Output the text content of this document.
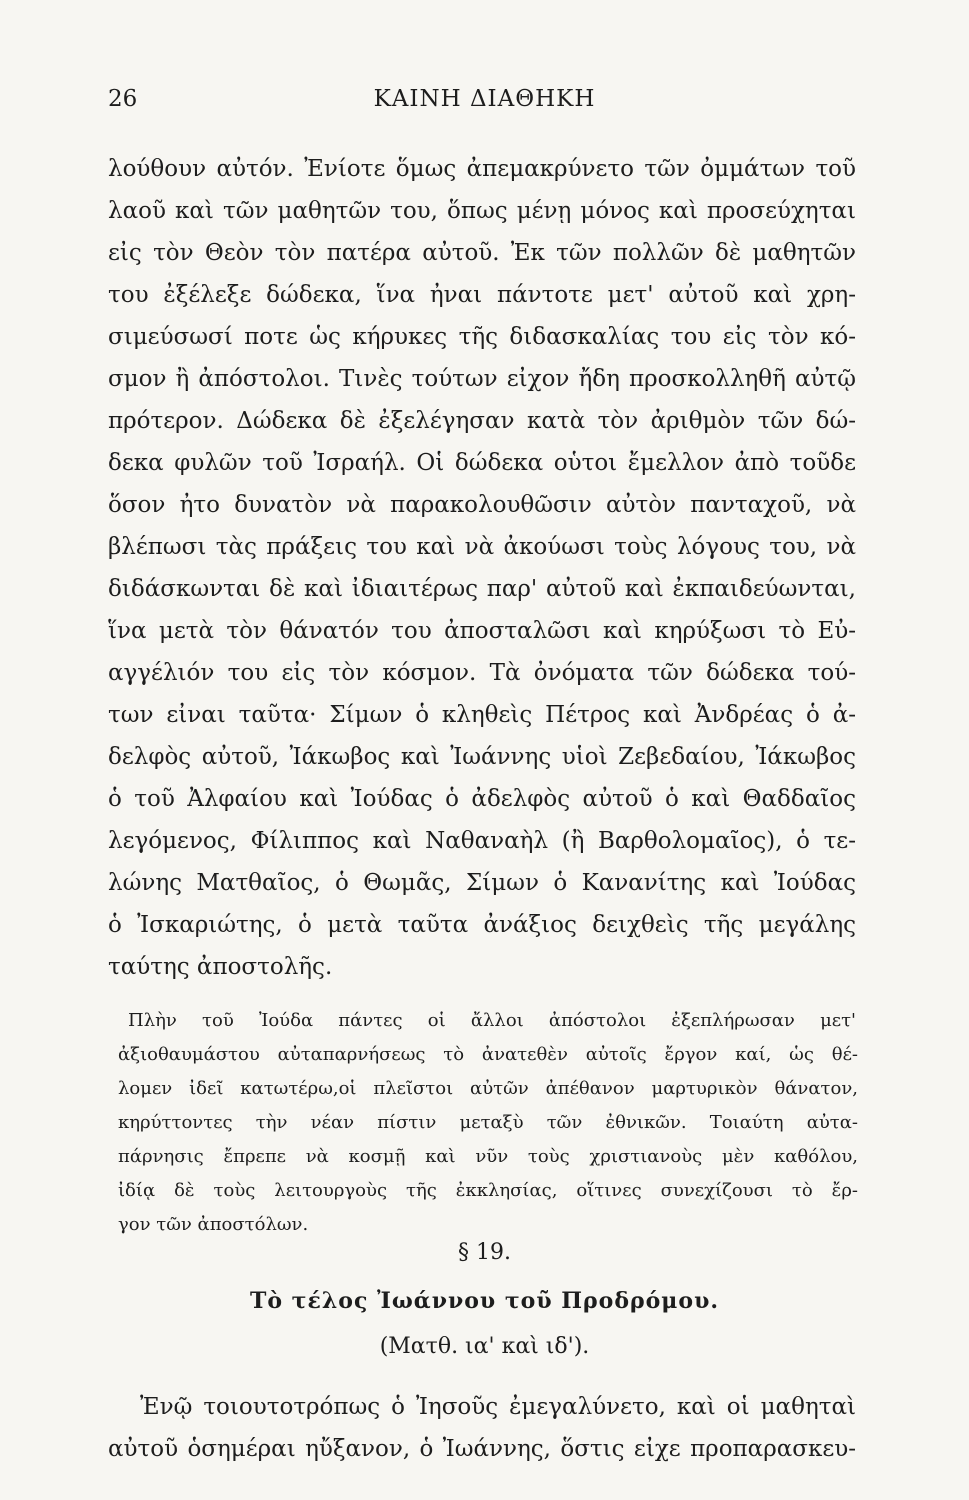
26	ΚΑΙΝΗ ΔΙΑΘΗΚΗ
λούθουν αὐτόν. Ἐνίοτε ὅμως ἀπεμακρύνετο τῶν ὀμμάτων τοῦ
λαοῦ καὶ τῶν μαθητῶν του, ὅπως μένῃ μόνος καὶ προσεύχηται
εἰς τὸν Θεὸν τὸν πατέρα αὐτοῦ. Ἐκ τῶν πολλῶν δὲ μαθητῶν
του ἐξέλεξε δώδεκα, ἵνα ἦναι πάντοτε μετ' αὐτοῦ καὶ χρη-
σιμεύσωσί ποτε ὡς κήρυκες τῆς διδασκαλίας του εἰς τὸν κό-
σμον ἢ ἀπόστολοι. Τινὲς τούτων εἶχον ἤδη προσκολληθῆ αὐτῷ
πρότερον. Δώδεκα δὲ ἐξελέγησαν κατὰ τὸν ἀριθμὸν τῶν δώ-
δεκα φυλῶν τοῦ Ἰσραήλ. Οἱ δώδεκα οὗτοι ἔμελλον ἀπὸ τοῦδε
ὅσον ἦτο δυνατὸν νὰ παρακολουθῶσιν αὐτὸν πανταχοῦ, νὰ
βλέπωσι τὰς πράξεις του καὶ νὰ ἀκούωσι τοὺς λόγους του, νὰ
διδάσκωνται δὲ καὶ ἰδιαιτέρως παρ' αὐτοῦ καὶ ἐκπαιδεύωνται,
ἵνα μετὰ τὸν θάνατόν του ἀποσταλῶσι καὶ κηρύξωσι τὸ Εὐ-
αγγέλιόν του εἰς τὸν κόσμον. Τὰ ὀνόματα τῶν δώδεκα τού-
των εἶναι ταῦτα· Σίμων ὁ κληθεὶς Πέτρος καὶ Ἀνδρέας ὁ ἀ-
δελφὸς αὐτοῦ, Ἰάκωβος καὶ Ἰωάννης υἱοὶ Ζεβεδαίου, Ἰάκωβος
ὁ τοῦ Ἀλφαίου καὶ Ἰούδας ὁ ἀδελφὸς αὐτοῦ ὁ καὶ Θαδδαῖος
λεγόμενος, Φίλιππος καὶ Ναθαναὴλ (ἢ Βαρθολομαῖος), ὁ τε-
λώνης Ματθαῖος, ὁ Θωμᾶς, Σίμων ὁ Κανανίτης καὶ Ἰούδας
ὁ Ἰσκαριώτης, ὁ μετὰ ταῦτα ἀνάξιος δειχθεὶς τῆς μεγάλης
ταύτης ἀποστολῆς.
Πλὴν τοῦ Ἰούδα πάντες οἱ ἄλλοι ἀπόστολοι ἐξεπλήρωσαν μετ'
ἀξιοθαυμάστου αὐταπαρνήσεως τὸ ἀνατεθὲν αὐτοῖς ἔργον καί, ὡς θέ-
λομεν ἰδεῖ κατωτέρω,οἱ πλεῖστοι αὐτῶν ἀπέθανον μαρτυρικὸν θάνατον,
κηρύττοντες τὴν νέαν πίστιν μεταξὺ τῶν ἐθνικῶν. Τοιαύτη αὐτα-
πάρνησις ἔπρεπε νὰ κοσμῇ καὶ νῦν τοὺς χριστιανοὺς μὲν καθόλου,
ἰδίᾳ δὲ τοὺς λειτουργοὺς τῆς ἐκκλησίας, οἵτινες συνεχίζουσι τὸ ἔρ-
γον τῶν ἀποστόλων.
§ 19.
Τὸ τέλος Ἰωάννου τοῦ Προδρόμου.
(Ματθ. ια' καὶ ιδ').
Ἐνῷ τοιουτοτρόπως ὁ Ἰησοῦς ἐμεγαλύνετο, καὶ οἱ μαθηταὶ
αὐτοῦ ὁσημέραι ηὔξανον, ὁ Ἰωάννης, ὅστις εἶχε προπαρασκευ-
